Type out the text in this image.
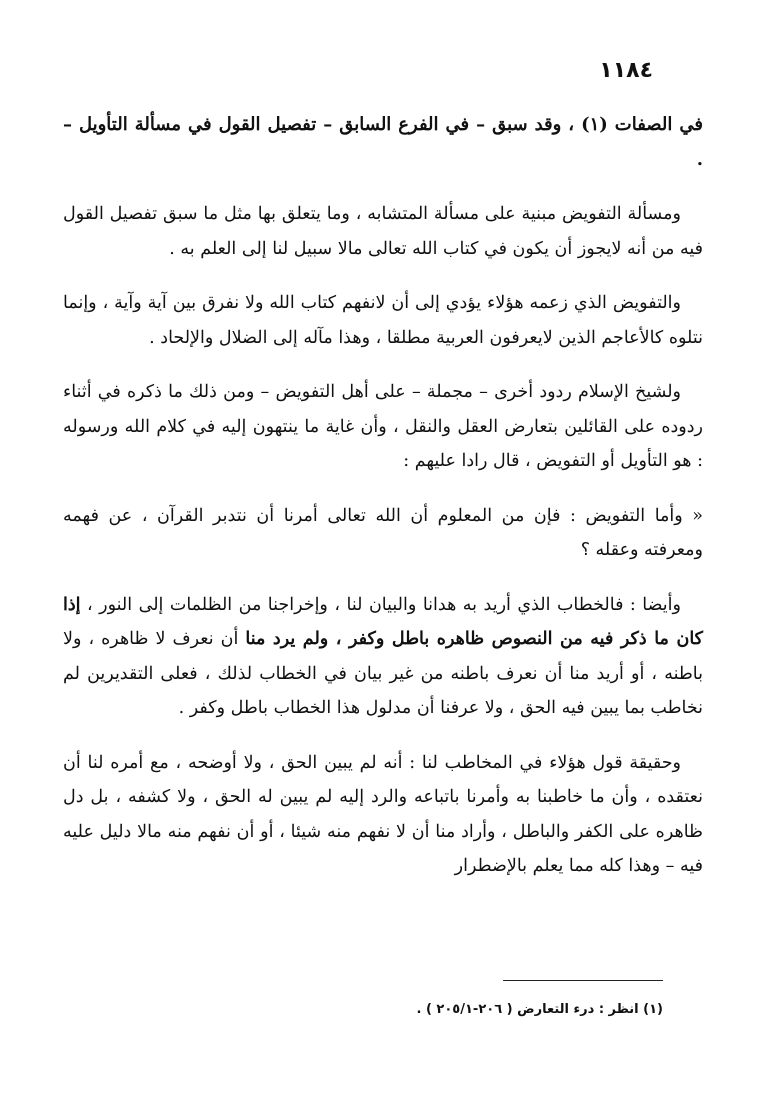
١١٨٤

في الصفات (١) ، وقد سبق – في الفرع السابق – تفصيل القول في مسألة التأويل – .

ومسألة التفويض مبنية على مسألة المتشابه ، وما يتعلق بها مثل ما سبق تفصيل القول فيه من أنه لايجوز أن يكون في كتاب الله تعالى مالا سبيل لنا إلى العلم به .

والتفويض الذي زعمه هؤلاء يؤدي إلى أن لانفهم كتاب الله ولا نفرق بين آية وآية ، وإنما نتلوه كالأعاجم الذين لايعرفون العربية مطلقا ، وهذا مآله إلى الضلال والإلحاد .

ولشيخ الإسلام ردود أخرى – مجملة – على أهل التفويض – ومن ذلك ما ذكره في أثناء ردوده على القائلين بتعارض العقل والنقل ، وأن غاية ما ينتهون إليه في كلام الله ورسوله : هو التأويل أو التفويض ، قال رادا عليهم :

« وأما التفويض : فإن من المعلوم أن الله تعالى أمرنا أن نتدبر القرآن ، عن فهمه ومعرفته وعقله ؟

وأيضا : فالخطاب الذي أريد به هدانا والبيان لنا ، وإخراجنا من الظلمات إلى النور ، إذا كان ما ذكر فيه من النصوص ظاهره باطل وكفر ، ولم يرد منا أن نعرف لا ظاهره ، ولا باطنه ، أو أريد منا أن نعرف باطنه من غير بيان في الخطاب لذلك ، فعلى التقديرين لم نخاطب بما يبين فيه الحق ، ولا عرفنا أن مدلول هذا الخطاب باطل وكفر .

وحقيقة قول هؤلاء في المخاطب لنا : أنه لم يبين الحق ، ولا أوضحه ، مع أمره لنا أن نعتقده ، وأن ما خاطبنا به وأمرنا باتباعه والرد إليه لم يبين له الحق ، ولا كشفه ، بل دل ظاهره على الكفر والباطل ، وأراد منا أن لا نفهم منه شيئا ، أو أن نفهم منه مالا دليل عليه فيه – وهذا كله مما يعلم بالإضطرار

(١) انظر : درء التعارض ( ٢٠٦-٢٠٥/١ ) .
